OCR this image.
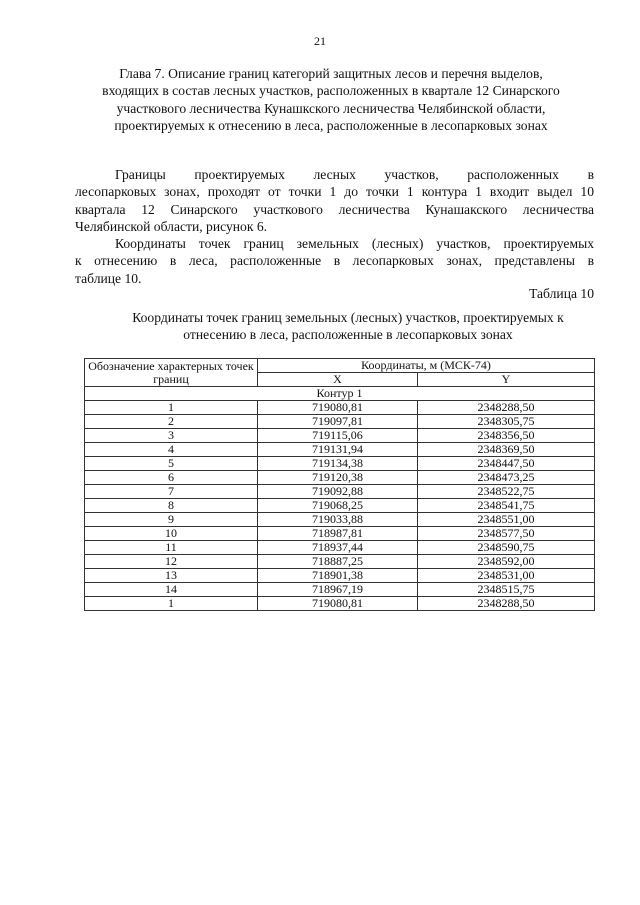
21
Глава 7. Описание границ категорий защитных лесов и перечня выделов,
входящих в состав лесных участков, расположенных в квартале 12 Синарского
участкового лесничества Кунашкского лесничества Челябинской области,
проектируемых к отнесению в леса, расположенные в лесопарковых зонах

Границы проектируемых лесных участков, расположенных в
лесопарковых зонах, проходят от точки 1 до точки 1 контура 1 входит выдел 10
квартала 12 Синарского участкового лесничества Кунашакского лесничества
Челябинской области, рисунок 6.

Координаты точек границ земельных (лесных) участков, проектируемых
к отнесению в леса, расположенные в лесопарковых зонах, представлены в
таблице 10.

Таблица 10
Координаты точек границ земельных (лесных) участков, проектируемых к
отнесению в леса, расположенные в лесопарковых зонах
Обозначение характерных точек границ	Координаты, м (МСК-74)	
	X	Y
Контур 1		
1	719080,81	2348288,50
2	719097,81	2348305,75
3	719115,06	2348356,50
4	719131,94	2348369,50
5	719134,38	2348447,50
6	719120,38	2348473,25
7	719092,88	2348522,75
8	719068,25	2348541,75
9	719033,88	2348551,00
10	718987,81	2348577,50
11	718937,44	2348590,75
12	718887,25	2348592,00
13	718901,38	2348531,00
14	718967,19	2348515,75
1	719080,81	2348288,50
